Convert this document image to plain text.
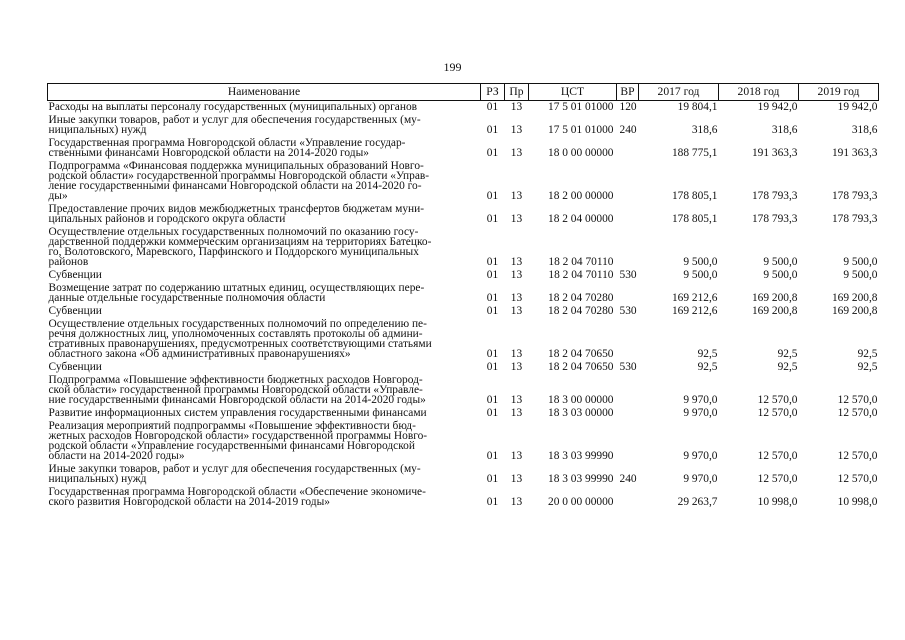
199
Наименование	РЗ	Пр	ЦСТ	ВР	2017 год	2018 год	2019 год

Расходы на выплаты персоналу государственных (муниципальных) органов	01	13	17 5 01 01000	120	19 804,1	19 942,0	19 942,0

Иные закупки товаров, работ и услуг для обеспечения государственных (му-
ниципальных) нужд	01	13	17 5 01 01000	240	318,6	318,6	318,6

Государственная программа Новгородской области «Управление государ-
ственными финансами Новгородской области на 2014-2020 годы»	01	13	18 0 00 00000		188 775,1	191 363,3	191 363,3

Подпрограмма «Финансовая поддержка муниципальных образований Новго-
родской области» государственной программы Новгородской области «Управ-
ление государственными финансами Новгородской области на 2014-2020 го-
ды»	01	13	18 2 00 00000		178 805,1	178 793,3	178 793,3

Предоставление прочих видов межбюджетных трансфертов бюджетам муни-
ципальных районов и городского округа области	01	13	18 2 04 00000		178 805,1	178 793,3	178 793,3

Осуществление отдельных государственных полномочий по оказанию госу-
дарственной поддержки коммерческим организациям на территориях Батецко-
го, Волотовского, Маревского, Парфинского и Поддорского муниципальных
районов	01	13	18 2 04 70110		9 500,0	9 500,0	9 500,0

Субвенции	01	13	18 2 04 70110	530	9 500,0	9 500,0	9 500,0

Возмещение затрат по содержанию штатных единиц, осуществляющих пере-
данные отдельные государственные полномочия области	01	13	18 2 04 70280		169 212,6	169 200,8	169 200,8

Субвенции	01	13	18 2 04 70280	530	169 212,6	169 200,8	169 200,8

Осуществление отдельных государственных полномочий по определению пе-
речня должностных лиц, уполномоченных составлять протоколы об админи-
стративных правонарушениях, предусмотренных соответствующими статьями
областного закона «Об административных правонарушениях»	01	13	18 2 04 70650		92,5	92,5	92,5

Субвенции	01	13	18 2 04 70650	530	92,5	92,5	92,5

Подпрограмма «Повышение эффективности бюджетных расходов Новгород-
ской области» государственной программы Новгородской области «Управле-
ние государственными финансами Новгородской области на 2014-2020 годы»	01	13	18 3 00 00000		9 970,0	12 570,0	12 570,0

Развитие информационных систем управления государственными финансами	01	13	18 3 03 00000		9 970,0	12 570,0	12 570,0

Реализация мероприятий подпрограммы «Повышение эффективности бюд-
жетных расходов Новгородской области» государственной программы Новго-
родской области «Управление государственными финансами Новгородской
области на 2014-2020 годы»	01	13	18 3 03 99990		9 970,0	12 570,0	12 570,0

Иные закупки товаров, работ и услуг для обеспечения государственных (му-
ниципальных) нужд	01	13	18 3 03 99990	240	9 970,0	12 570,0	12 570,0

Государственная программа Новгородской области «Обеспечение экономиче-
ского развития Новгородской области на 2014-2019 годы»	01	13	20 0 00 00000		29 263,7	10 998,0	10 998,0
